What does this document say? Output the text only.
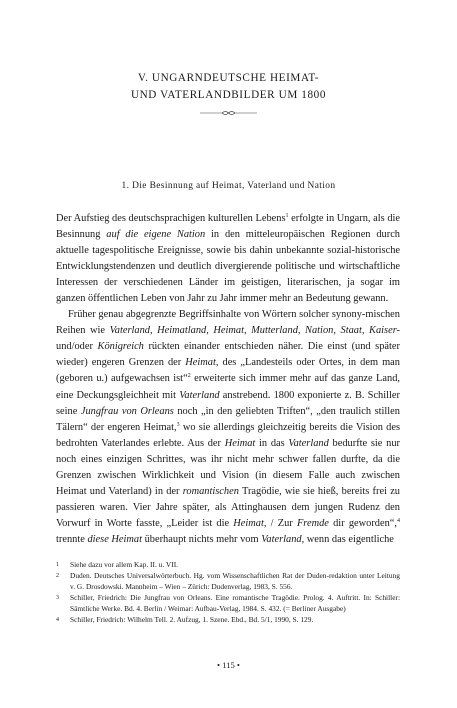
V. UNGARNDEUTSCHE HEIMAT-
UND VATERLANDBILDER UM 1800
1. Die Besinnung auf Heimat, Vaterland und Nation

Der Aufstieg des deutschsprachigen kulturellen Lebens$^1$ erfolgte in Ungarn, als die Besinnung auf die eigene Nation in den mitteleuropäischen Regionen durch aktuelle tagespolitische Ereignisse, sowie bis dahin unbekannte sozial-historische Entwicklungstendenzen und deutlich divergierende politische und wirtschaftliche Interessen der verschiedenen Länder im geistigen, literarischen, ja sogar im ganzen öffentlichen Leben von Jahr zu Jahr immer mehr an Bedeutung gewann.

Früher genau abgegrenzte Begriffsinhalte von Wörtern solcher synony-mischen Reihen wie Vaterland, Heimatland, Heimat, Mutterland, Nation, Staat, Kaiser- und/oder Königreich rückten einander entschieden näher. Die einst (und später wieder) engeren Grenzen der Heimat, des „Landesteils oder Ortes, in dem man (geboren u.) aufgewachsen ist“$^2$ erweiterte sich immer mehr auf das ganze Land, eine Deckungsgleichheit mit Vaterland anstrebend. 1800 exponierte z. B. Schiller seine Jungfrau von Orleans noch „in den geliebten Triften“, „den traulich stillen Tälern“ der engeren Heimat,$^3$ wo sie allerdings gleichzeitig bereits die Vision des bedrohten Vaterlandes erlebte. Aus der Heimat in das Vaterland bedurfte sie nur noch eines einzigen Schrittes, was ihr nicht mehr schwer fallen durfte, da die Grenzen zwischen Wirklichkeit und Vision (in diesem Falle auch zwischen Heimat und Vaterland) in der romantischen Tragödie, wie sie hieß, bereits frei zu passieren waren. Vier Jahre später, als Attinghausen dem jungen Rudenz den Vorwurf in Worte fasste, „Leider ist die Heimat, / Zur Fremde dir geworden“,$^4$ trennte diese Heimat überhaupt nichts mehr vom Vaterland, wenn das eigentliche

1	Siehe dazu vor allem Kap. II. u. VII.
2	Duden. Deutsches Universalwörterbuch. Hg. vom Wissenschaftlichen Rat der Duden-redaktion unter Leitung v. G. Drosdowski. Mannheim – Wien – Zürich: Dudenverlag, 1983, S. 556.
3	Schiller, Friedrich: Die Jungfrau von Orleans. Eine romantische Tragödie. Prolog. 4. Auftritt. In: Schiller: Sämtliche Werke. Bd. 4. Berlin / Weimar: Aufbau-Verlag, 1984. S. 432. (= Berliner Ausgabe)
4	Schiller, Friedrich: Wilhelm Tell. 2. Aufzug, 1. Szene. Ebd., Bd. 5/1, 1990, S. 129.
• 115 •
